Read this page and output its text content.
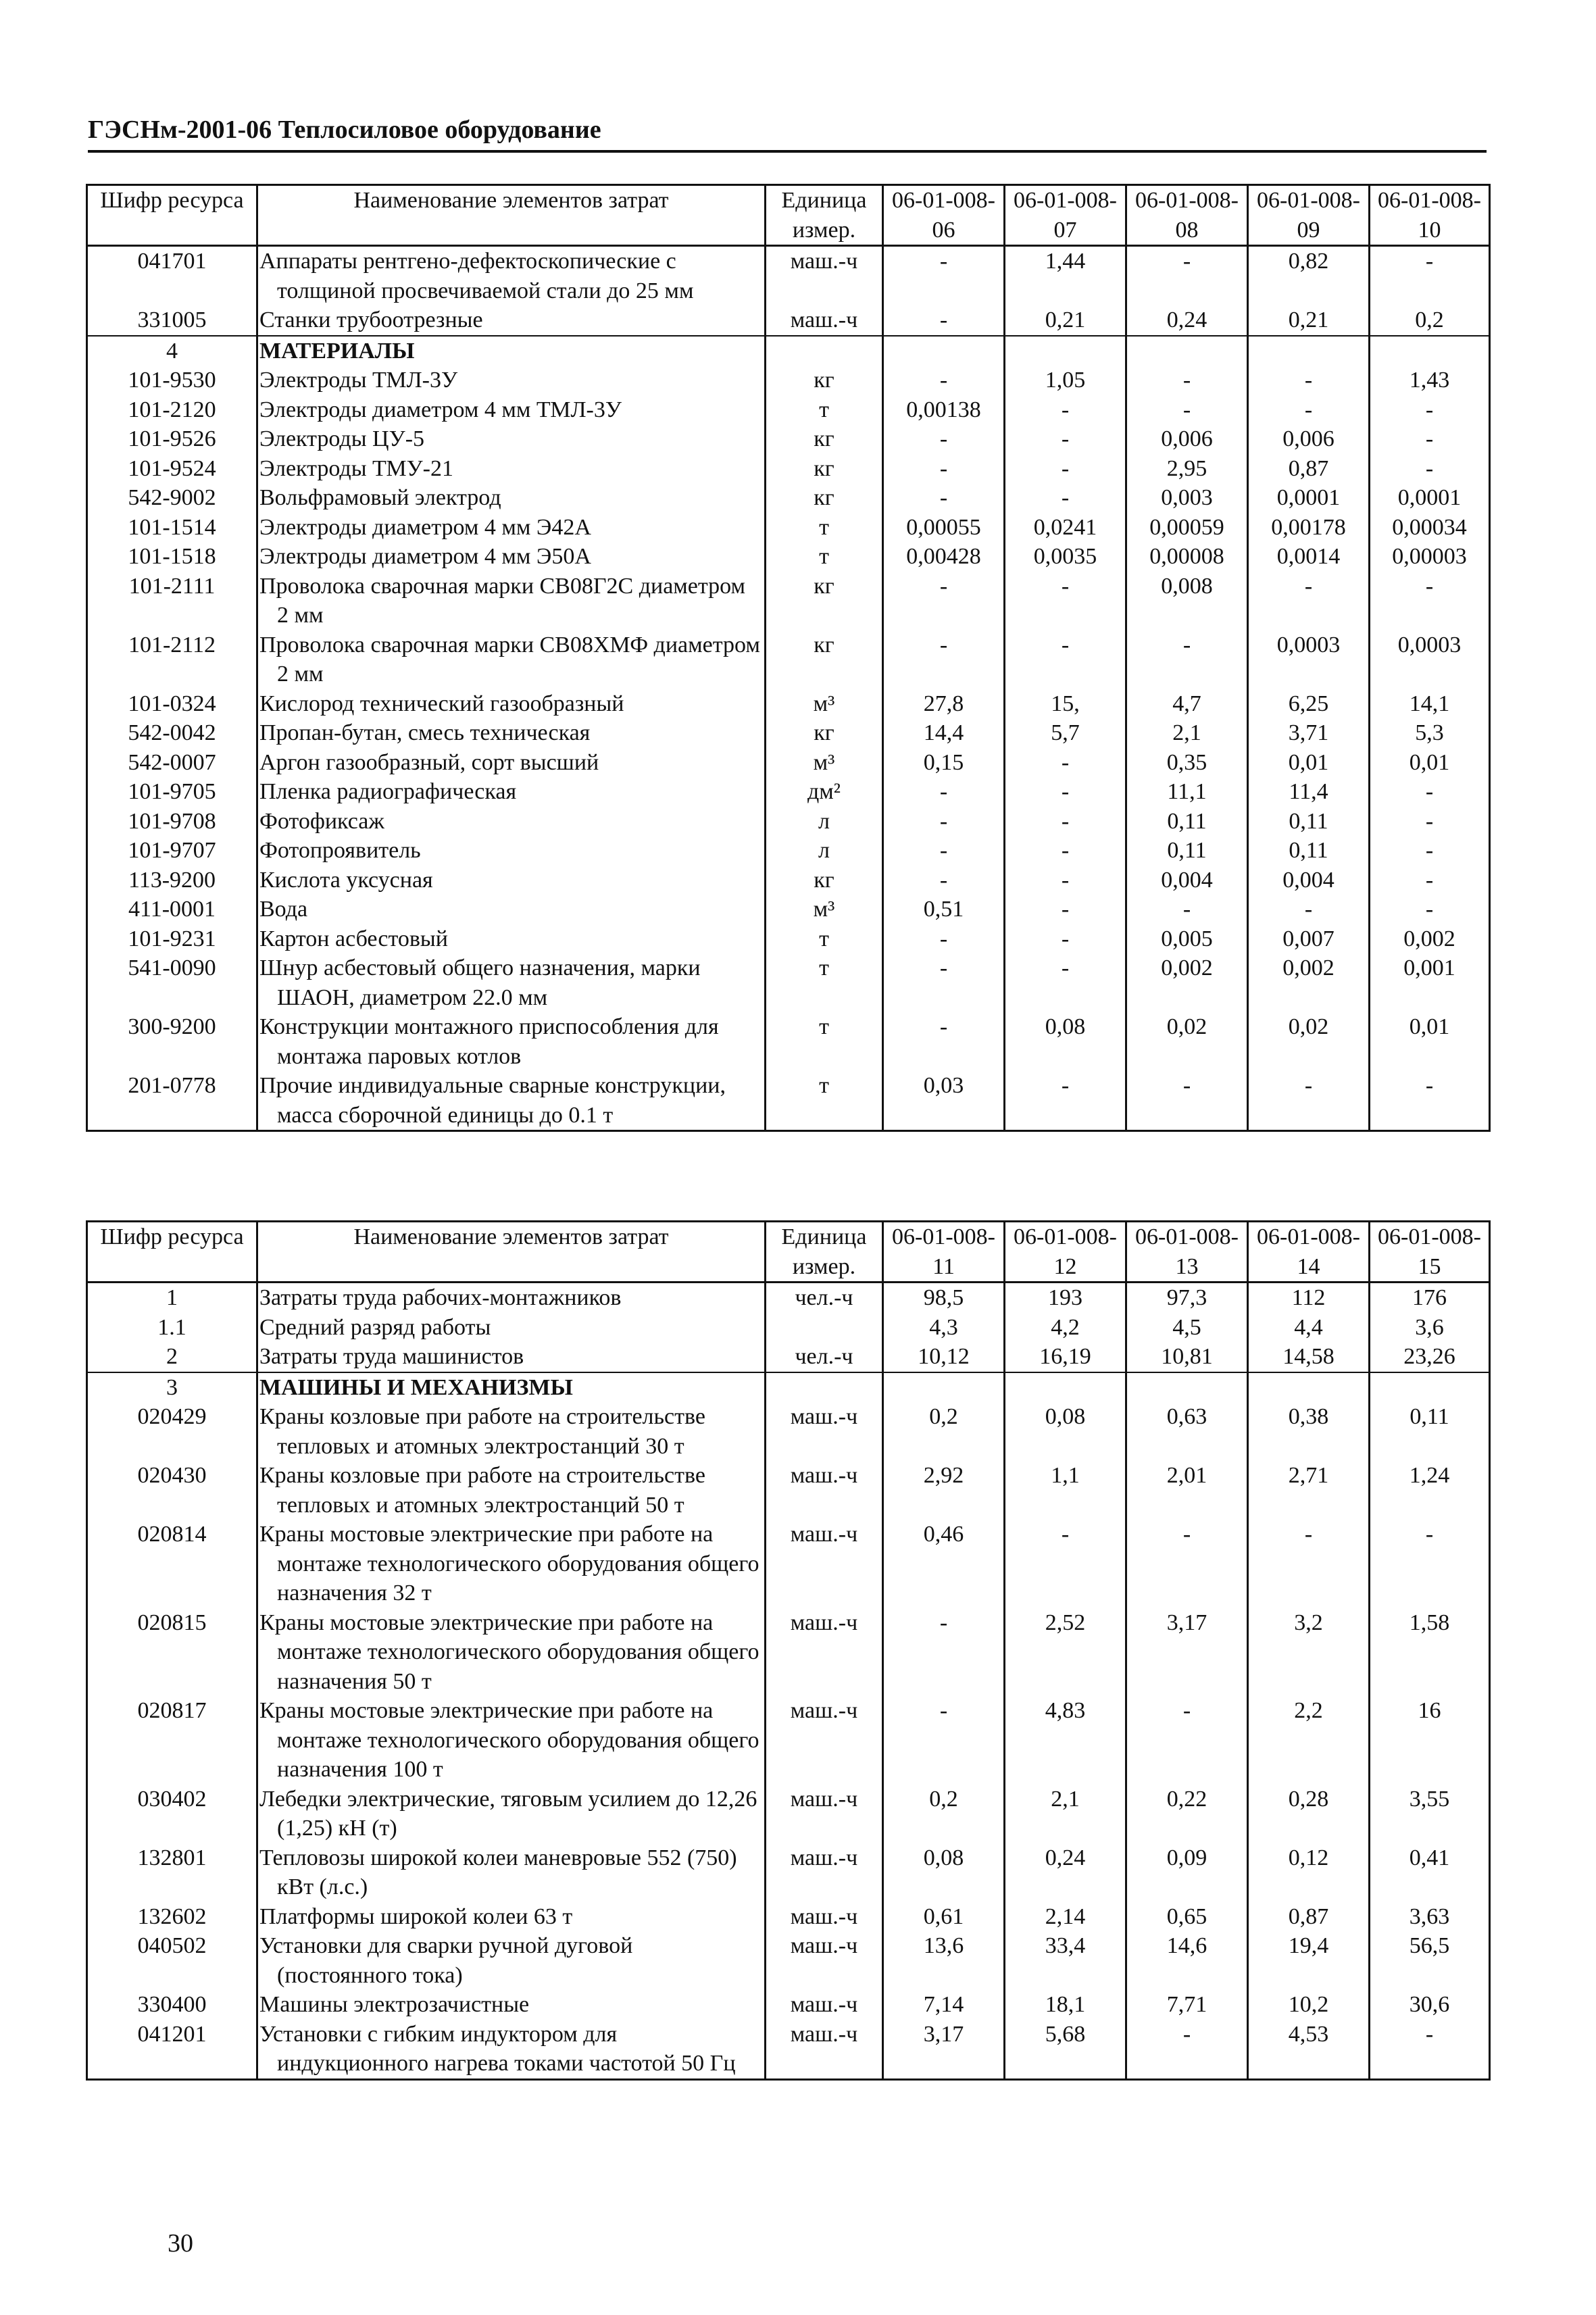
ГЭСНм-2001-06 Теплосиловое оборудование
Шифр ресурса	Наименование элементов затрат	Единица измер.	06-01-008-06	06-01-008-07	06-01-008-08	06-01-008-09	06-01-008-10
041701	Аппараты рентгено-дефектоскопические с толщиной просвечиваемой стали до 25 мм	маш.-ч	-	1,44	-	0,82	-
331005	Станки трубоотрезные	маш.-ч	-	0,21	0,24	0,21	0,2
4	МАТЕРИАЛЫ						

101-9530	Электроды ТМЛ-3У	кг	-	1,05	-	-	1,43
101-2120	Электроды диаметром 4 мм ТМЛ-3У	т	0,00138	-	-	-	-
101-9526	Электроды ЦУ-5	кг	-	-	0,006	0,006	-
101-9524	Электроды ТМУ-21	кг	-	-	2,95	0,87	-
542-9002	Вольфрамовый электрод	кг	-	-	0,003	0,0001	0,0001
101-1514	Электроды диаметром 4 мм Э42А	т	0,00055	0,0241	0,00059	0,00178	0,00034
101-1518	Электроды диаметром 4 мм Э50А	т	0,00428	0,0035	0,00008	0,0014	0,00003
101-2111	Проволока сварочная марки СВ08Г2С диаметром 2 мм	кг	-	-	0,008	-	-
101-2112	Проволока сварочная марки СВ08ХМФ диаметром 2 мм	кг	-	-	-	0,0003	0,0003
101-0324	Кислород технический газообразный	м³	27,8	15,	4,7	6,25	14,1
542-0042	Пропан-бутан, смесь техническая	кг	14,4	5,7	2,1	3,71	5,3
542-0007	Аргон газообразный, сорт высший	м³	0,15	-	0,35	0,01	0,01
101-9705	Пленка радиографическая	дм²	-	-	11,1	11,4	-
101-9708	Фотофиксаж	л	-	-	0,11	0,11	-
101-9707	Фотопроявитель	л	-	-	0,11	0,11	-
113-9200	Кислота уксусная	кг	-	-	0,004	0,004	-
411-0001	Вода	м³	0,51	-	-	-	-
101-9231	Картон асбестовый	т	-	-	0,005	0,007	0,002
541-0090	Шнур асбестовый общего назначения, марки ШАОН, диаметром 22.0 мм	т	-	-	0,002	0,002	0,001
300-9200	Конструкции монтажного приспособления для монтажа паровых котлов	т	-	0,08	0,02	0,02	0,01
201-0778	Прочие индивидуальные сварные конструкции, масса сборочной единицы до 0.1 т	т	0,03	-	-	-	-
Шифр ресурса	Наименование элементов затрат	Единица измер.	06-01-008-11	06-01-008-12	06-01-008-13	06-01-008-14	06-01-008-15
1	Затраты труда рабочих-монтажников	чел.-ч	98,5	193	97,3	112	176
1.1	Средний разряд работы		4,3	4,2	4,5	4,4	3,6
2	Затраты труда машинистов	чел.-ч	10,12	16,19	10,81	14,58	23,26
3	МАШИНЫ И МЕХАНИЗМЫ						

020429	Краны козловые при работе на строительстве тепловых и атомных электростанций 30 т	маш.-ч	0,2	0,08	0,63	0,38	0,11
020430	Краны козловые при работе на строительстве тепловых и атомных электростанций 50 т	маш.-ч	2,92	1,1	2,01	2,71	1,24
020814	Краны мостовые электрические при работе на монтаже технологического оборудования общего назначения 32 т	маш.-ч	0,46	-	-	-	-
020815	Краны мостовые электрические при работе на монтаже технологического оборудования общего назначения 50 т	маш.-ч	-	2,52	3,17	3,2	1,58
020817	Краны мостовые электрические при работе на монтаже технологического оборудования общего назначения 100 т	маш.-ч	-	4,83	-	2,2	16
030402	Лебедки электрические, тяговым усилием до 12,26 (1,25) кН (т)	маш.-ч	0,2	2,1	0,22	0,28	3,55
132801	Тепловозы широкой колеи маневровые 552 (750) кВт (л.с.)	маш.-ч	0,08	0,24	0,09	0,12	0,41
132602	Платформы широкой колеи 63 т	маш.-ч	0,61	2,14	0,65	0,87	3,63
040502	Установки для сварки ручной дуговой (постоянного тока)	маш.-ч	13,6	33,4	14,6	19,4	56,5
330400	Машины электрозачистные	маш.-ч	7,14	18,1	7,71	10,2	30,6
041201	Установки с гибким индуктором для индукционного нагрева токами частотой 50 Гц	маш.-ч	3,17	5,68	-	4,53	-
30
